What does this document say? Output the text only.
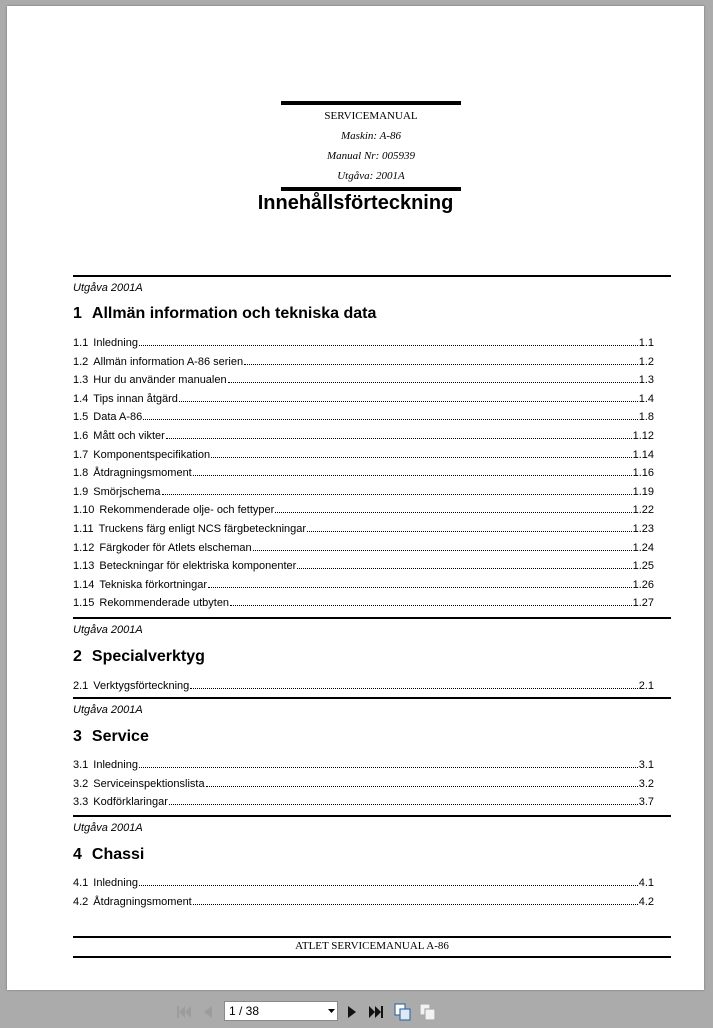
SERVICEMANUAL
Maskin: A-86
Manual Nr: 005939
Utgåva: 2001A
Innehållsförteckning
Utgåva 2001A
1 Allmän information och tekniska data
Utgåva 2001A
2 Specialverktyg
Utgåva 2001A
3 Service
Utgåva 2001A
4 Chassi
ATLET SERVICEMANUAL A-86
1.1 Inledning	1.1
1.2 Allmän information A-86 serien	1.2
1.3 Hur du använder manualen	1.3
1.4 Tips innan åtgärd	1.4
1.5 Data A-86	1.8
1.6 Mått och vikter	1.12
1.7 Komponentspecifikation	1.14
1.8 Åtdragningsmoment	1.16
1.9 Smörjschema	1.19
1.10 Rekommenderade olje- och fettyper	1.22
1.11 Truckens färg enligt NCS färgbeteckningar	1.23
1.12 Färgkoder för Atlets elscheman	1.24
1.13 Beteckningar för elektriska komponenter	1.25
1.14 Tekniska förkortningar	1.26
1.15 Rekommenderade utbyten	1.27
2.1 Verktygsförteckning	2.1
3.1 Inledning	3.1
3.2 Serviceinspektionslista	3.2
3.3 Kodförklaringar	3.7
4.1 Inledning	4.1
4.2 Åtdragningsmoment	4.2
1 / 38
